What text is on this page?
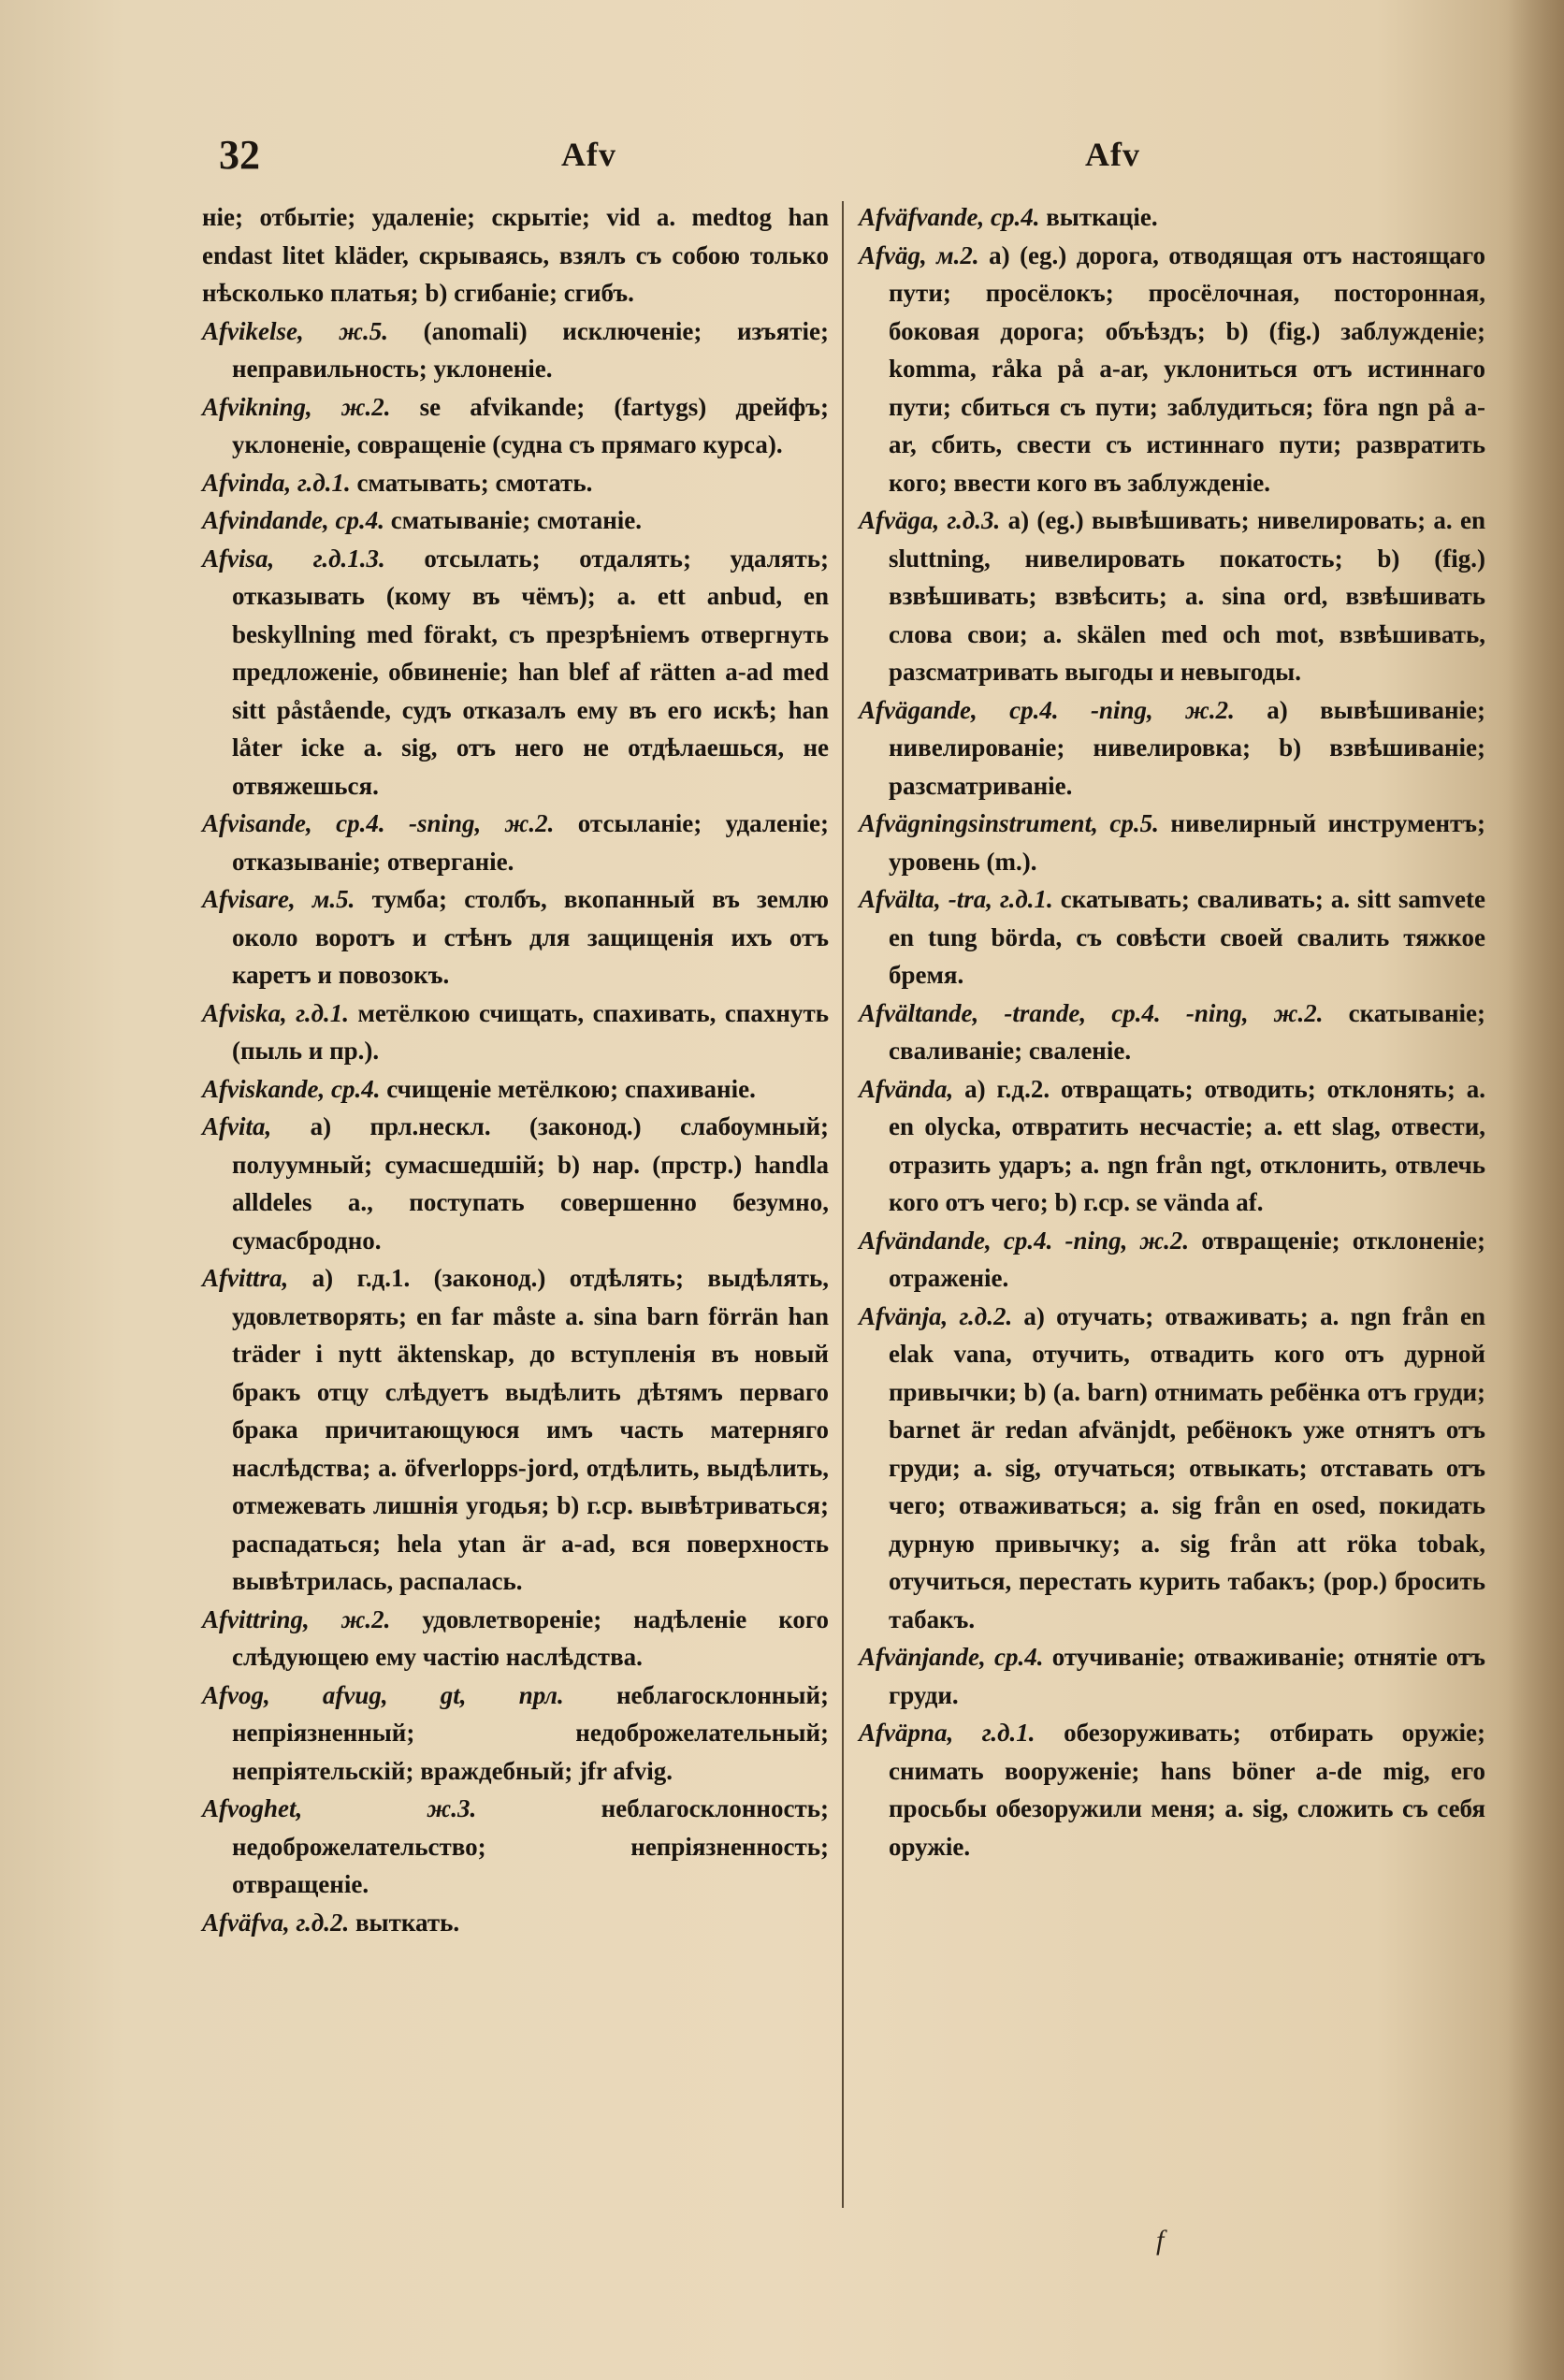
32	Afv	Afv

ніе; отбытіе; удаленіе; скрытіе; vid a. medtog han endast litet kläder, скрываясь, взялъ съ собою только нѣсколько платья; b) сгибаніе; сгибъ.

Afvikelse, ж.5. (anomali) исключеніе; изъятіе; неправильность; уклоненіе.

Afvikning, ж.2. se afvikande; (fartygs) дрейфъ; уклоненіе, совращеніе (судна съ прямаго курса).

Afvinda, г.д.1. сматывать; смотать.

Afvindande, ср.4. сматываніе; смотаніе.

Afvisa, г.д.1.3. отсылать; отдалять; удалять; отказывать (кому въ чёмъ); a. ett anbud, en beskyllning med förakt, съ презрѣніемъ отвергнуть предложеніе, обвиненіе; han blef af rätten a-ad med sitt påstående, судъ отказалъ ему въ его искѣ; han låter icke a. sig, отъ него не отдѣлаешься, не отвяжешься.

Afvisande, ср.4. -sning, ж.2. отсыланіе; удаленіе; отказываніе; отверганіе.

Afvisare, м.5. тумба; столбъ, вкопанный въ землю около воротъ и стѣнъ для защищенія ихъ отъ каретъ и повозокъ.

Afviska, г.д.1. метёлкою счищать, спахивать, спахнуть (пыль и пр.).

Afviskande, ср.4. счищеніе метёлкою; спахиваніе.

Afvita, a) прл.нескл. (законод.) слабоумный; полуумный; сумасшедшій; b) нар. (прстр.) handla alldeles a., поступать совершенно безумно, сумасбродно.

Afvittra, a) г.д.1. (законод.) отдѣлять; выдѣлять, удовлетворять; en far måste a. sina barn förrän han träder i nytt äktenskap, до вступленія въ новый бракъ отцу слѣдуетъ выдѣлить дѣтямъ перваго брака причитающуюся имъ часть матерняго наслѣдства; a. öfverlopps-jord, отдѣлить, выдѣлить, отмежевать лишнія угодья; b) г.ср. вывѣтриваться; распадаться; hela ytan är a-ad, вся поверхность вывѣтрилась, распалась.

Afvittring, ж.2. удовлетвореніе; надѣленіе кого слѣдующею ему частію наслѣдства.

Afvog, afvug, gt, прл. неблагосклонный; непріязненный; недоброжелательный; непріятельскій; враждебный; jfr afvig.

Afvoghet, ж.3. неблагосклонность; недоброжелательство; непріязненность; отвращеніе.

Afväfva, г.д.2. выткать.

Afväfvande, ср.4. выткаціе.

Afväg, м.2. a) (eg.) дорога, отводящая отъ настоящаго пути; просёлокъ; просёлочная, посторонная, боковая дорога; объѣздъ; b) (fig.) заблужденіе; komma, råka på a-ar, уклониться отъ истиннаго пути; сбиться съ пути; заблудиться; föra ngn på a-ar, сбить, свести съ истиннаго пути; развратить кого; ввести кого въ заблужденіе.

Afväga, г.д.3. a) (eg.) вывѣшивать; нивелировать; a. en sluttning, нивелировать покатость; b) (fig.) взвѣшивать; взвѣсить; a. sina ord, взвѣшивать слова свои; a. skälen med och mot, взвѣшивать, разсматривать выгоды и невыгоды.

Afvägande, ср.4. -ning, ж.2. a) вывѣшиваніе; нивелированіе; нивелировка; b) взвѣшиваніе; разсматриваніе.

Afvägningsinstrument, ср.5. нивелирный инструментъ; уровень (m.).

Afvälta, -tra, г.д.1. скатывать; сваливать; a. sitt samvete en tung börda, съ совѣсти своей свалить тяжкое бремя.

Afvältande, -trande, ср.4. -ning, ж.2. скатываніе; сваливаніе; сваленіе.

Afvända, a) г.д.2. отвращать; отводить; отклонять; a. en olycka, отвратить несчастіе; a. ett slag, отвести, отразить ударъ; a. ngn från ngt, отклонить, отвлечь кого отъ чего; b) г.ср. se vända af.

Afvändande, ср.4. -ning, ж.2. отвращеніе; отклоненіе; отраженіе.

Afvänja, г.д.2. a) отучать; отваживать; a. ngn från en elak vana, отучить, отвадить кого отъ дурной привычки; b) (a. barn) отнимать ребёнка отъ груди; barnet är redan afvänjdt, ребёнокъ уже отнятъ отъ груди; a. sig, отучаться; отвыкать; отставать отъ чего; отваживаться; a. sig från en osed, покидать дурную привычку; a. sig från att röka tobak, отучиться, перестать курить табакъ; (рор.) бросить табакъ.

Afvänjande, ср.4. отучиваніе; отваживаніе; отнятіе отъ груди.

Afväpna, г.д.1. обезоруживать; отбирать оружіе; снимать вооруженіе; hans böner a-de mig, его просьбы обезоружили меня; a. sig, сложить съ себя оружіе.

f
